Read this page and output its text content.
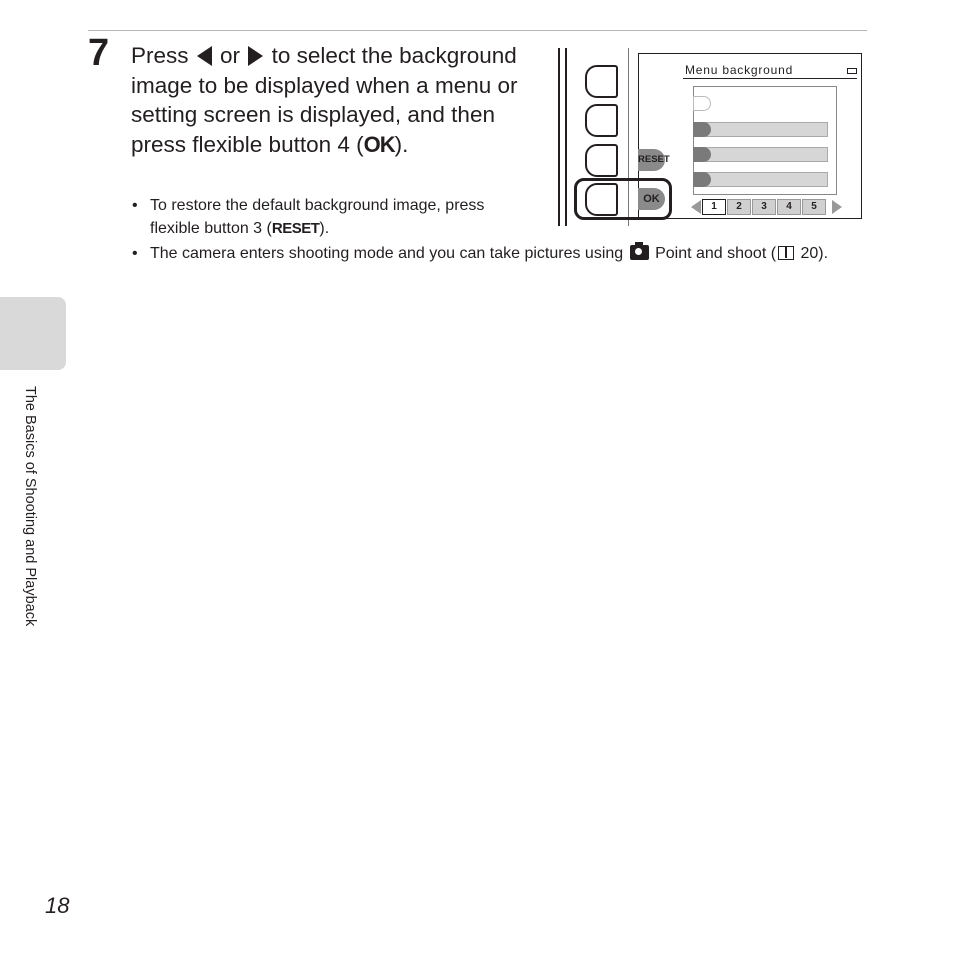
The Basics of Shooting and Playback
18
7 Press or to select the background image to be displayed when a menu or setting screen is displayed, and then press flexible button 4 (OK).
• To restore the default background image, press flexible button 3 (RESET).
• The camera enters shooting mode and you can take pictures using Point and shoot ( 20).
Menu background
RESET
OK
1	2	3	4	5
